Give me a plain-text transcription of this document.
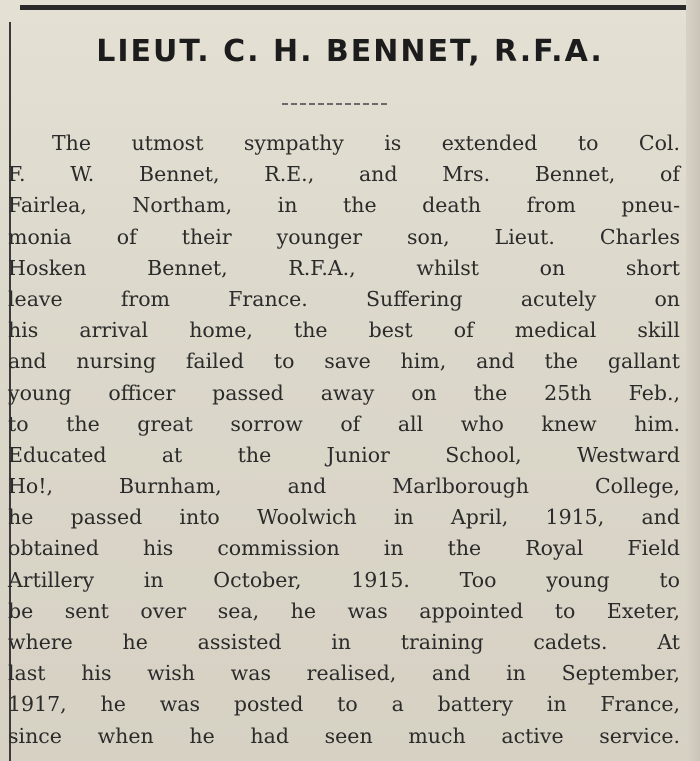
LIEUT. C. H. BENNET, R.F.A.
The utmost sympathy is extended to Col.
F. W. Bennet, R.E., and Mrs. Bennet, of
Fairlea, Northam, in the death from pneu-
monia of their younger son, Lieut. Charles
Hosken Bennet, R.F.A., whilst on short
leave from France. Suffering acutely on
his arrival home, the best of medical skill
and nursing failed to save him, and the gallant
young officer passed away on the 25th Feb.,
to the great sorrow of all who knew him.
Educated at the Junior School, Westward
Ho!, Burnham, and Marlborough College,
he passed into Woolwich in April, 1915, and
obtained his commission in the Royal Field
Artillery in October, 1915. Too young to
be sent over sea, he was appointed to Exeter,
where he assisted in training cadets. At
last his wish was realised, and in September,
1917, he was posted to a battery in France,
since when he had seen much active service.
